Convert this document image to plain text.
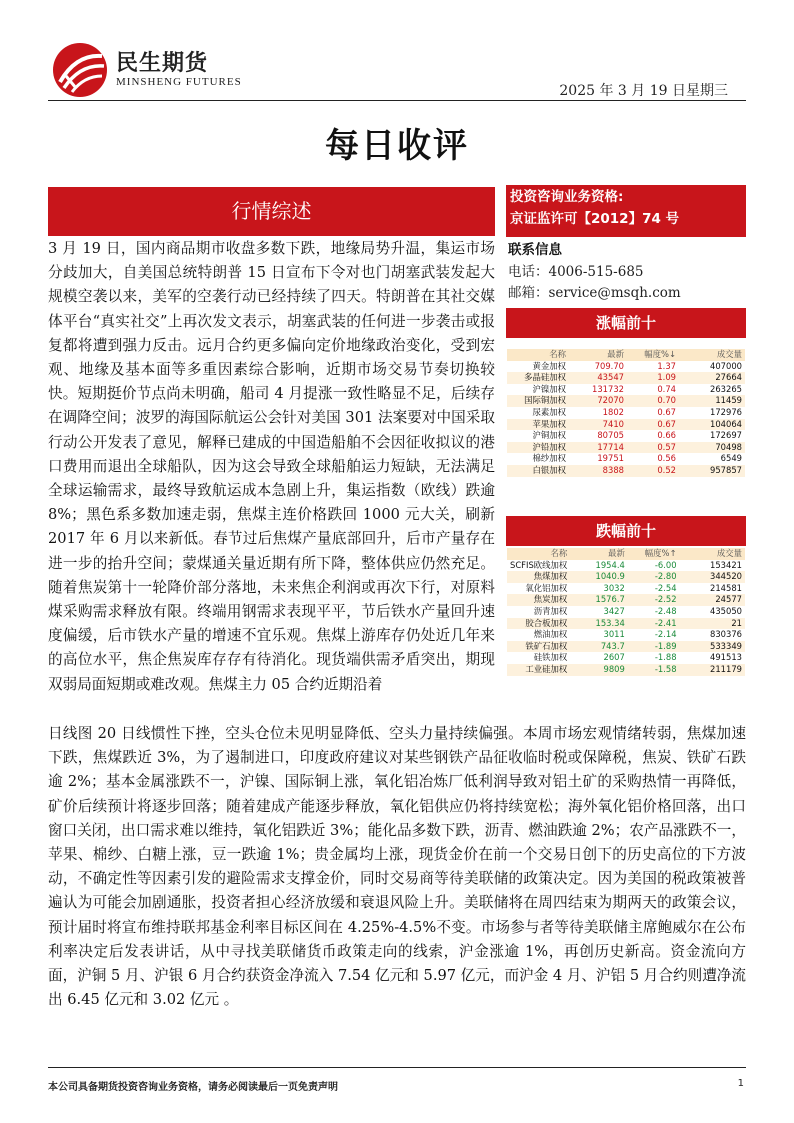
民生期货
MINSHENG FUTURES
2025 年 3 月 19 日星期三
每日收评
行情综述
3 月 19 日，国内商品期市收盘多数下跌，地缘局势升温，集运市场分歧加大，自美国总统特朗普 15 日宣布下令对也门胡塞武装发起大规模空袭以来，美军的空袭行动已经持续了四天。特朗普在其社交媒体平台“真实社交”上再次发文表示，胡塞武装的任何进一步袭击或报复都将遭到强力反击。远月合约更多偏向定价地缘政治变化，受到宏观、地缘及基本面等多重因素综合影响，近期市场交易节奏切换较快。短期挺价节点尚未明确，船司 4 月提涨一致性略显不足，后续存在调降空间；波罗的海国际航运公会针对美国 301 法案要对中国采取行动公开发表了意见，解释已建成的中国造船舶不会因征收拟议的港口费用而退出全球船队，因为这会导致全球船舶运力短缺，无法满足全球运输需求，最终导致航运成本急剧上升，集运指数（欧线）跌逾 8%；黑色系多数加速走弱，焦煤主连价格跌回 1000 元大关，刷新 2017 年 6 月以来新低。春节过后焦煤产量底部回升，后市产量存在进一步的抬升空间；蒙煤通关量近期有所下降，整体供应仍然充足。随着焦炭第十一轮降价部分落地，未来焦企利润或再次下行，对原料煤采购需求释放有限。终端用钢需求表现平平，节后铁水产量回升速度偏缓，后市铁水产量的增速不宜乐观。焦煤上游库存仍处近几年来的高位水平，焦企焦炭库存存有待消化。现货端供需矛盾突出，期现双弱局面短期或难改观。焦煤主力 05 合约近期沿着
日线图 20 日线惯性下挫，空头仓位未见明显降低、空头力量持续偏强。本周市场宏观情绪转弱，焦煤加速下跌，焦煤跌近 3%，为了遏制进口，印度政府建议对某些钢铁产品征收临时税或保障税，焦炭、铁矿石跌逾 2%；基本金属涨跌不一，沪镍、国际铜上涨，氧化铝冶炼厂低利润导致对铝土矿的采购热情一再降低，矿价后续预计将逐步回落；随着建成产能逐步释放，氧化铝供应仍将持续宽松；海外氧化铝价格回落，出口窗口关闭，出口需求难以维持，氧化铝跌近 3%；能化品多数下跌，沥青、燃油跌逾 2%；农产品涨跌不一，苹果、棉纱、白糖上涨，豆一跌逾 1%；贵金属均上涨，现货金价在前一个交易日创下的历史高位的下方波动，不确定性等因素引发的避险需求支撑金价，同时交易商等待美联储的政策决定。因为美国的税政策被普遍认为可能会加剧通胀，投资者担心经济放缓和衰退风险上升。美联储将在周四结束为期两天的政策会议，预计届时将宣布维持联邦基金利率目标区间在 4.25%-4.5%不变。市场参与者等待美联储主席鲍威尔在公布利率决定后发表讲话，从中寻找美联储货币政策走向的线索，沪金涨逾 1%，再创历史新高。资金流向方面，沪铜 5 月、沪银 6 月合约获资金净流入 7.54 亿元和 5.97 亿元，而沪金 4 月、沪铝 5 月合约则遭净流出 6.45 亿元和 3.02 亿元 。
投资咨询业务资格:
京证监许可【2012】74 号
联系信息
电话：4006-515-685
邮箱：service@msqh.com
涨幅前十
名称	最新	幅度%↓	成交量
黄金加权	709.70	1.37	407000
多晶硅加权	43547	1.09	27664
沪镍加权	131732	0.74	263265
国际铜加权	72070	0.70	11459
尿素加权	1802	0.67	172976
苹果加权	7410	0.67	104064
沪铜加权	80705	0.66	172697
沪铅加权	17714	0.57	70498
棉纱加权	19751	0.56	6549
白银加权	8388	0.52	957857
跌幅前十
名称	最新	幅度%↑	成交量
SCFIS欧线加权	1954.4	-6.00	153421
焦煤加权	1040.9	-2.80	344520
氧化铝加权	3032	-2.54	214581
焦炭加权	1576.7	-2.52	24577
沥青加权	3427	-2.48	435050
胶合板加权	153.34	-2.41	21
燃油加权	3011	-2.14	830376
铁矿石加权	743.7	-1.89	533349
硅铁加权	2607	-1.88	491513
工业硅加权	9809	-1.58	211179
本公司具备期货投资咨询业务资格，请务必阅读最后一页免责声明	1
